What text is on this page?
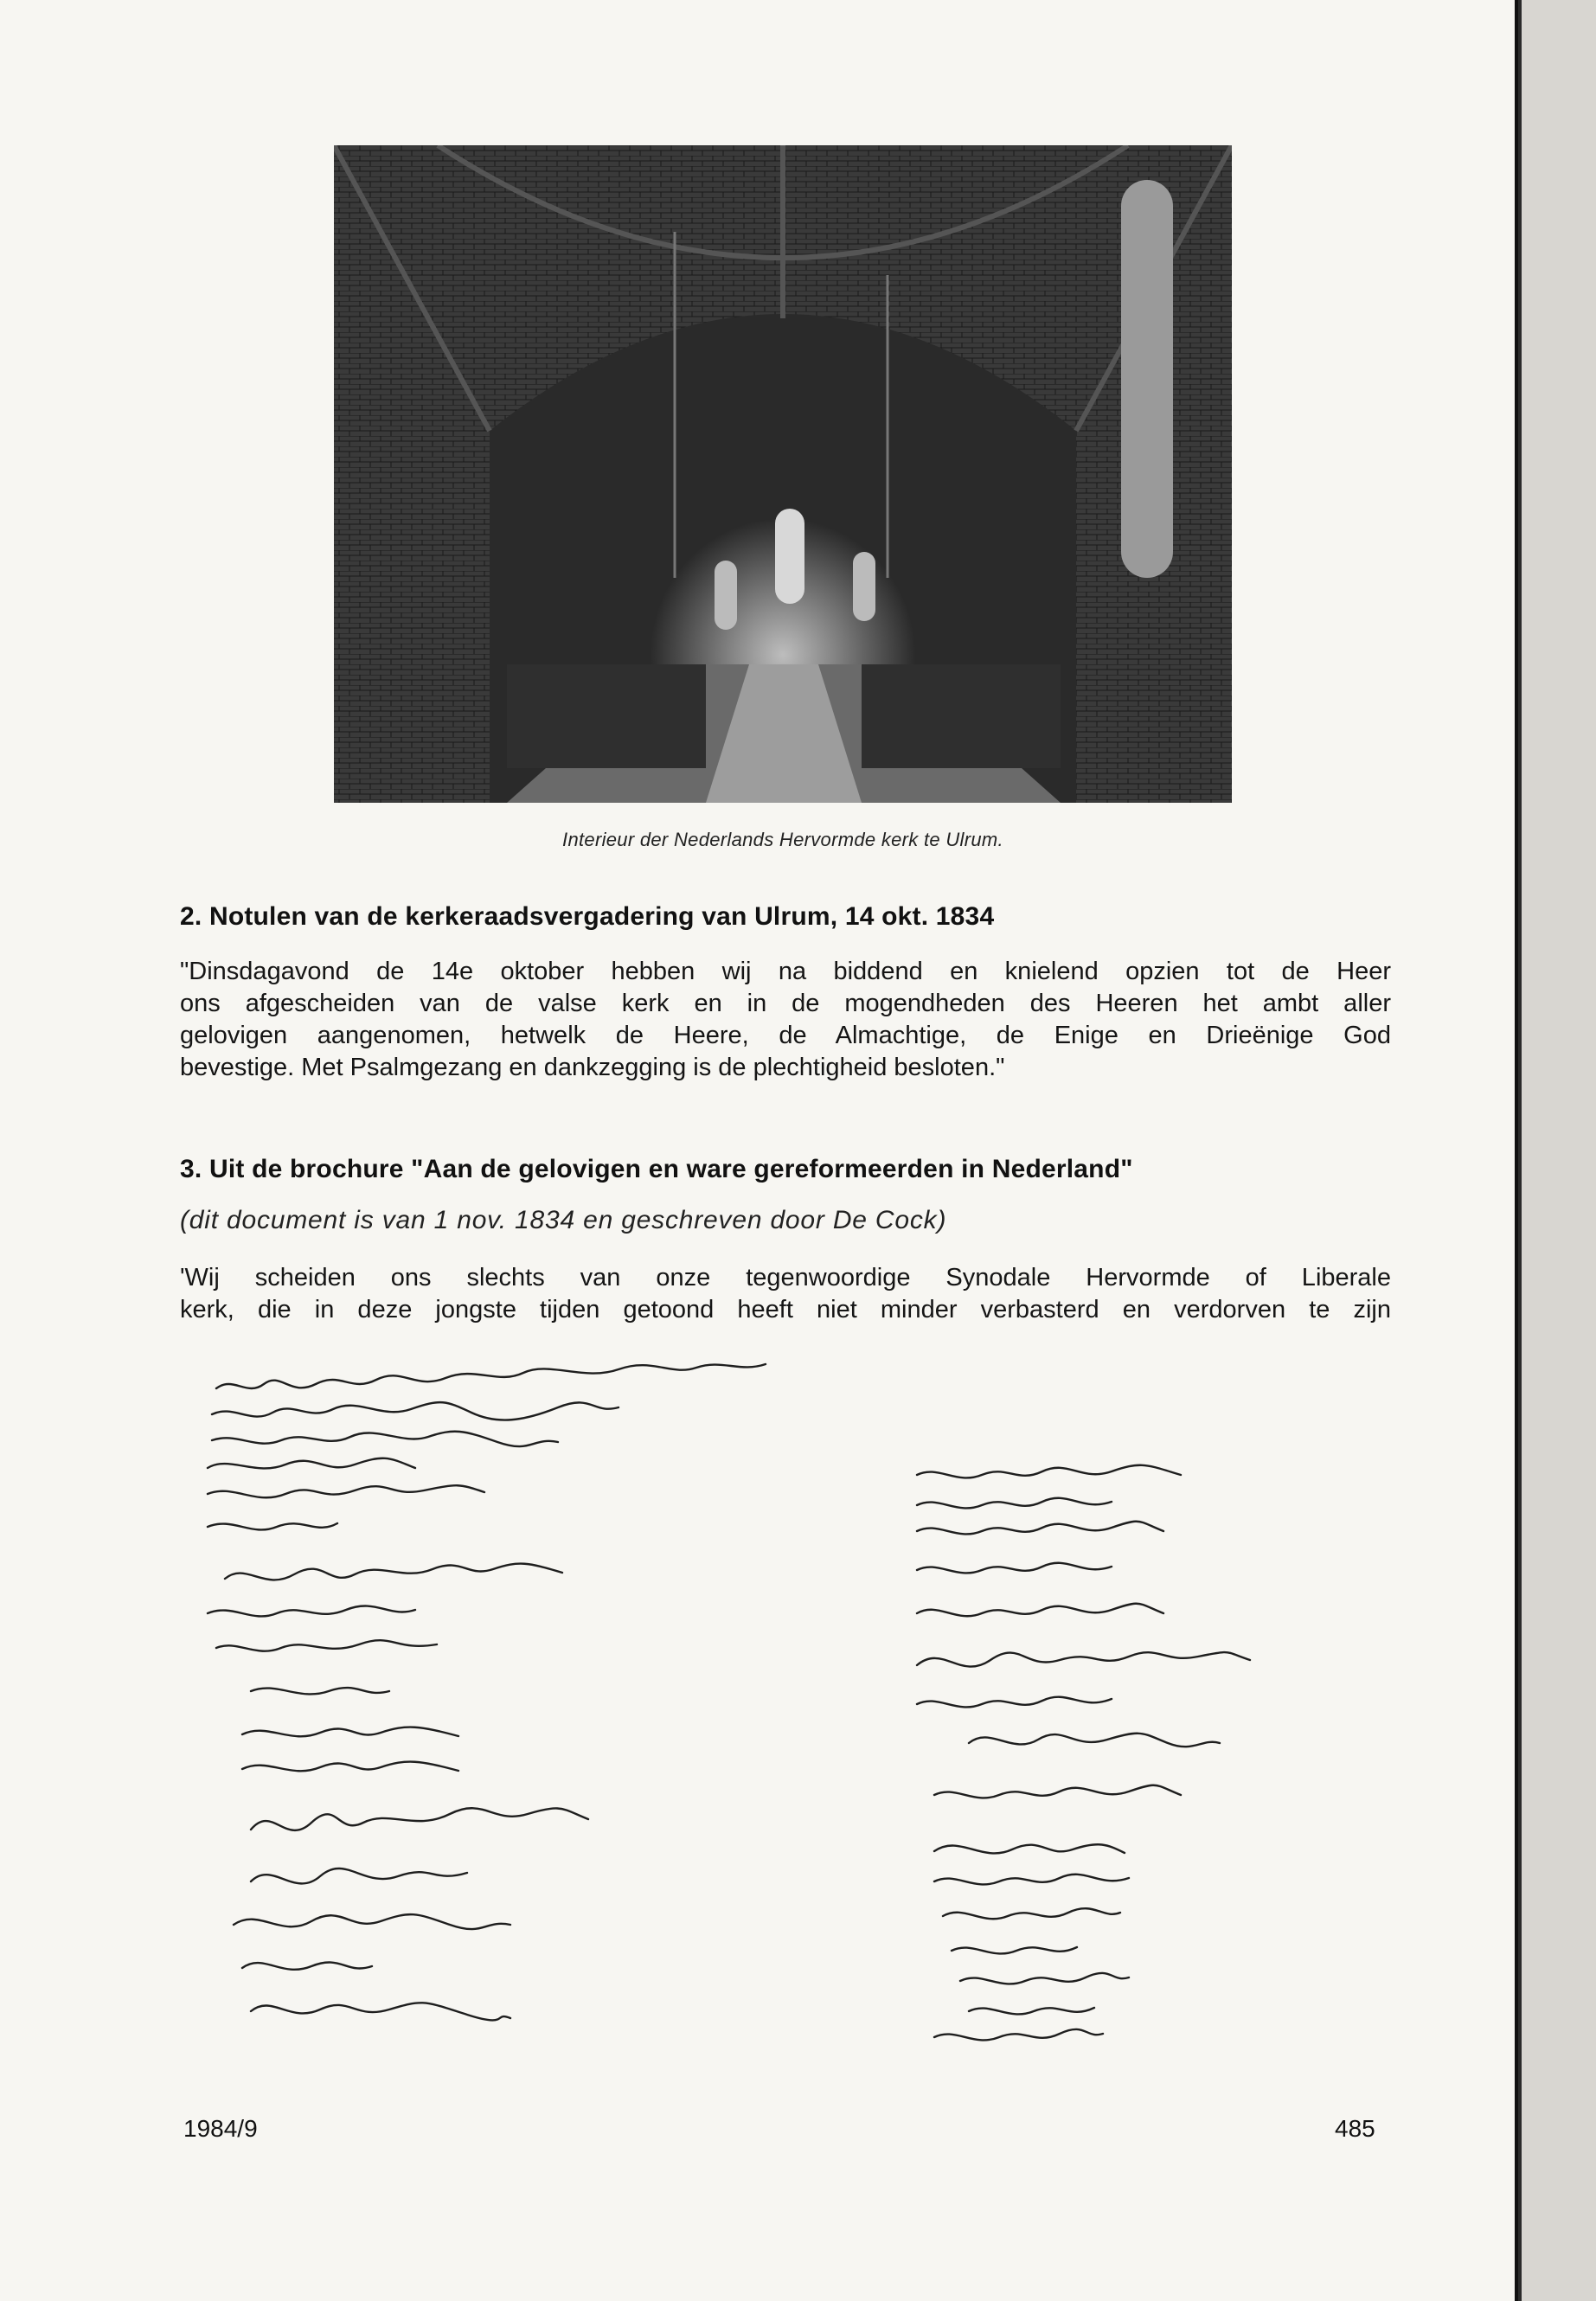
Interieur der Nederlands Hervormde kerk te Ulrum.
2. Notulen van de kerkeraadsvergadering van Ulrum, 14 okt. 1834
"Dinsdagavond de 14e oktober hebben wij na biddend en knielend opzien tot de Heer
ons afgescheiden van de valse kerk en in de mogendheden des Heeren het ambt aller
gelovigen aangenomen, hetwelk de Heere, de Almachtige, de Enige en Drieënige God
bevestige. Met Psalmgezang en dankzegging is de plechtigheid besloten."
3. Uit de brochure "Aan de gelovigen en ware gereformeerden in Nederland"
(dit document is van 1 nov. 1834 en geschreven door De Cock)
'Wij scheiden ons slechts van onze tegenwoordige Synodale Hervormde of Liberale
kerk, die in deze jongste tijden getoond heeft niet minder verbasterd en verdorven te zijn
1984/9	485
